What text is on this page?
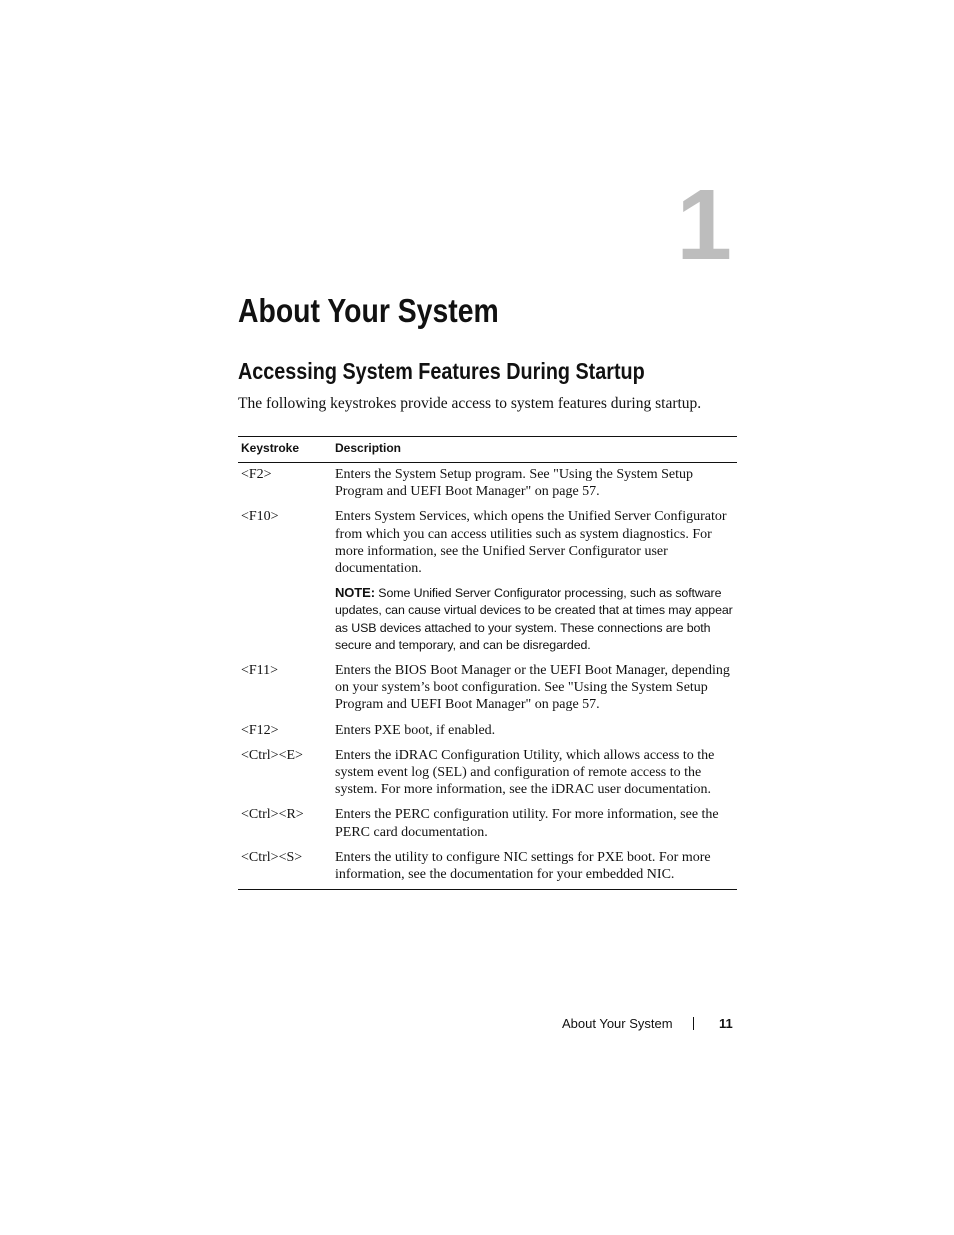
1
About Your System
Accessing System Features During Startup

The following keystrokes provide access to system features during startup.

Keystroke	Description
<F2>	Enters the System Setup program. See "Using the System Setup Program and UEFI Boot Manager" on page 57.

<F10>	Enters System Services, which opens the Unified Server Configurator from which you can access utilities such as system diagnostics. For more information, see the Unified Server Configurator user documentation.
NOTE: Some Unified Server Configurator processing, such as software updates, can cause virtual devices to be created that at times may appear as USB devices attached to your system. These connections are both secure and temporary, and can be disregarded.

<F11>	Enters the BIOS Boot Manager or the UEFI Boot Manager, depending on your system’s boot configuration. See "Using the System Setup Program and UEFI Boot Manager" on page 57.

<F12>	Enters PXE boot, if enabled.

<Ctrl><E>	Enters the iDRAC Configuration Utility, which allows access to the system event log (SEL) and configuration of remote access to the system. For more information, see the iDRAC user documentation.

<Ctrl><R>	Enters the PERC configuration utility. For more information, see the PERC card documentation.

<Ctrl><S>	Enters the utility to configure NIC settings for PXE boot. For more information, see the documentation for your embedded NIC.
About Your System	11
